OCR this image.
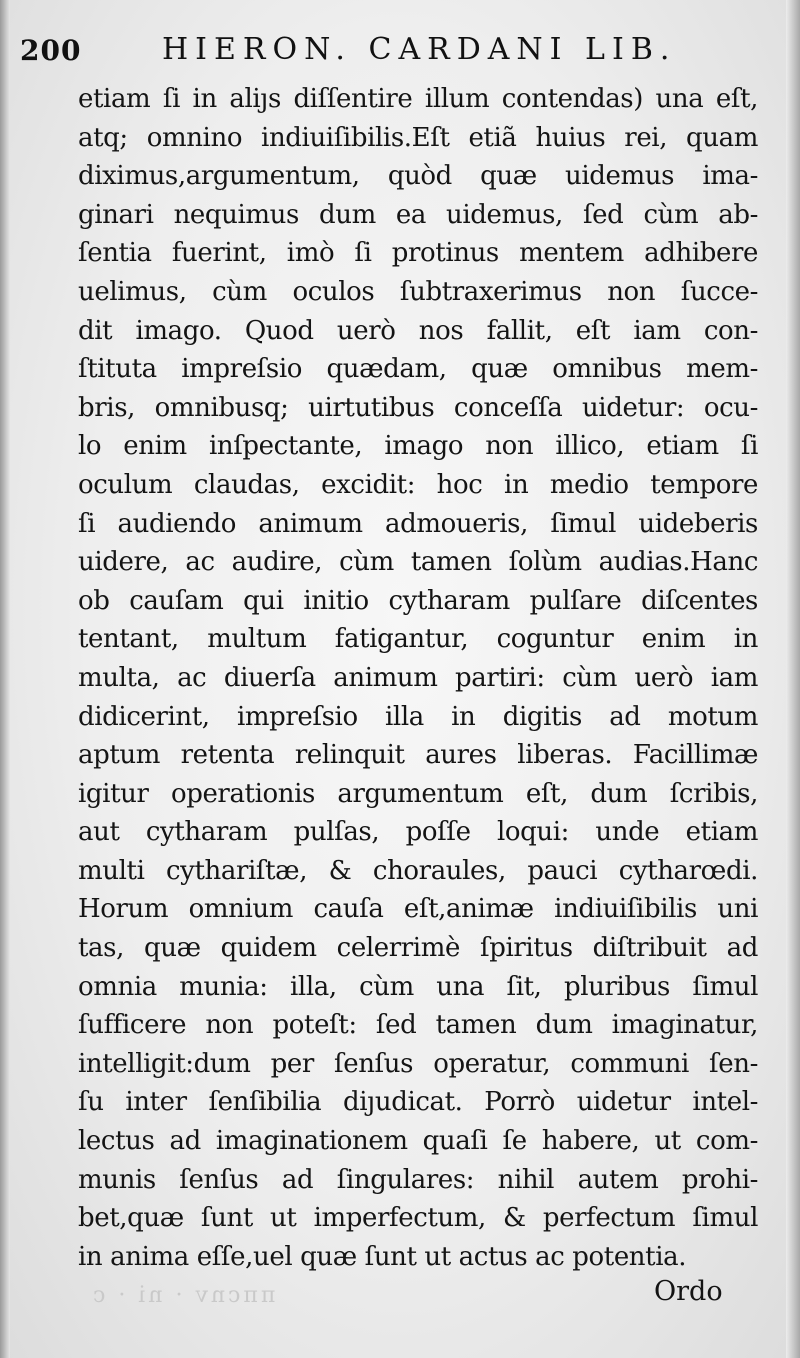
200	HIERON. CARDANI LIB.
etiam ſi in aliȷs diſſentire illum contendas) una eſt,
atq; omnino indiuiſibilis.Eſt etiã huius rei, quam
diximus,argumentum, quòd quæ uidemus ima-
ginari nequimus dum ea uidemus, ſed cùm ab-
ſentia fuerint, imò ſi protinus mentem adhibere
uelimus, cùm oculos ſubtraxerimus non ſucce-
dit imago. Quod uerò nos fallit, eſt iam con-
ſtituta impreſsio quædam, quæ omnibus mem-
bris, omnibusq; uirtutibus conceſſa uidetur: ocu-
lo enim inſpectante, imago non illico, etiam ſi
oculum claudas, excidit: hoc in medio tempore
ſi audiendo animum admoueris, ſimul uideberis
uidere, ac audire, cùm tamen ſolùm audias.Hanc
ob cauſam qui initio cytharam pulſare diſcentes
tentant, multum fatigantur, coguntur enim in
multa, ac diuerſa animum partiri: cùm uerò iam
didicerint, impreſsio illa in digitis ad motum
aptum retenta relinquit aures liberas. Facillimæ
igitur operationis argumentum eſt, dum ſcribis,
aut cytharam pulſas, poſſe loqui: unde etiam
multi cythariſtæ, & choraules, pauci cytharœdi.
Horum omnium cauſa eſt,animæ indiuiſibilis uni
tas, quæ quidem celerrimè ſpiritus diſtribuit ad
omnia munia: illa, cùm una ſit, pluribus ſimul
ſufficere non poteſt: ſed tamen dum imaginatur,
intelligit:dum per ſenſus operatur, communi ſen-
ſu inter ſenſibilia diȷudicat. Porrò uidetur intel-
lectus ad imaginationem quaſi ſe habere, ut com-
munis ſenſus ad ſingulares: nihil autem prohi-
bet,quæ ſunt ut imperfectum, & perfectum ſimul
in anima eſſe,uel quæ ſunt ut actus ac potentia.
ππcnv · ni · c	Ordo
